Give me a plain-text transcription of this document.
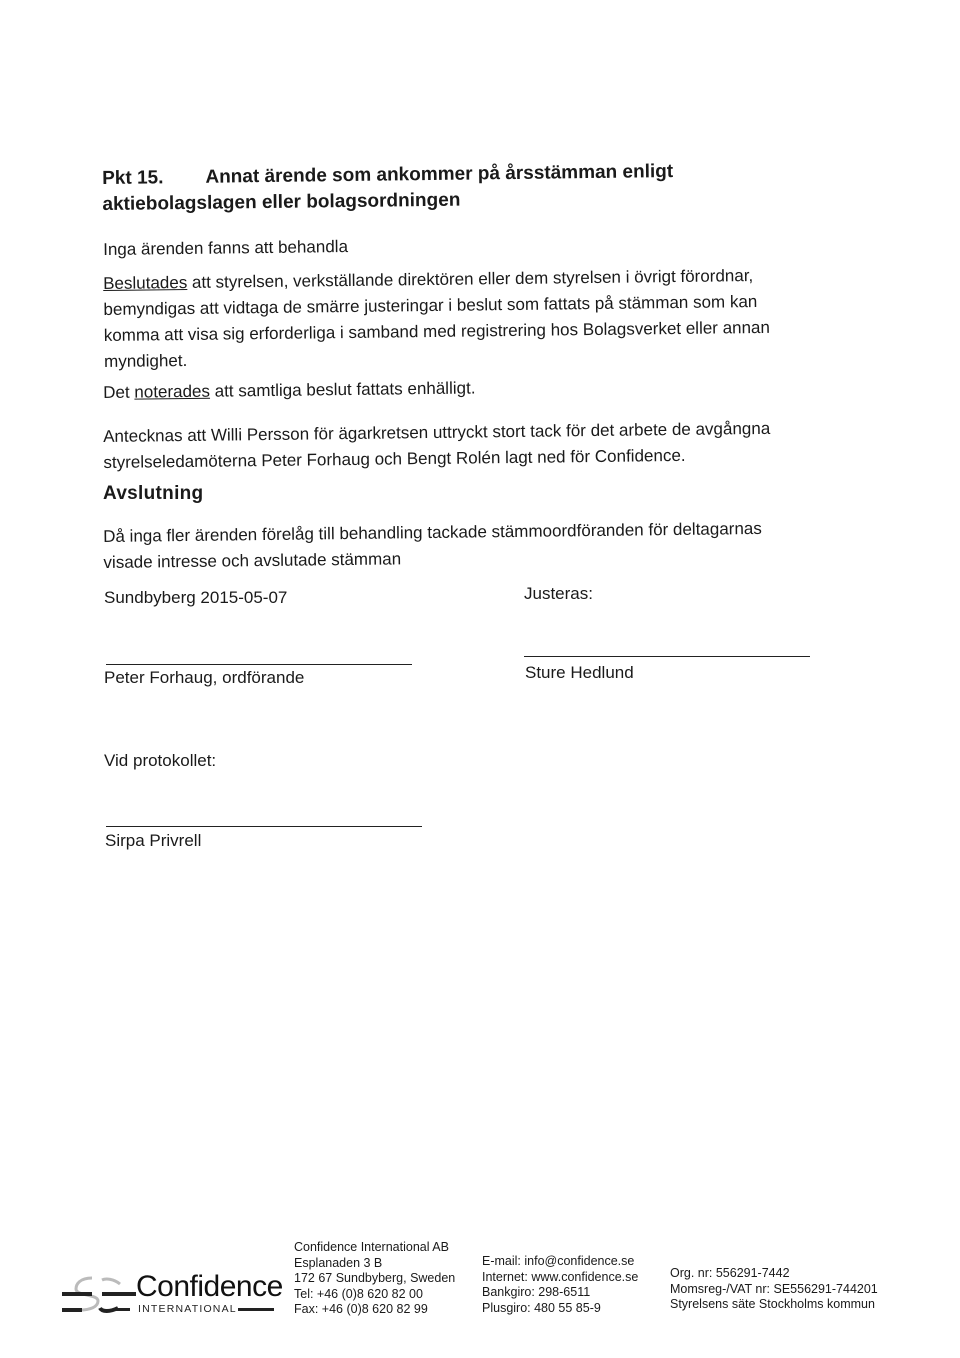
Pkt 15. Annat ärende som ankommer på årsstämman enligt
aktiebolagslagen eller bolagsordningen

Inga ärenden fanns att behandla

Beslutades att styrelsen, verkställande direktören eller dem styrelsen i övrigt förordnar, bemyndigas att vidtaga de smärre justeringar i beslut som fattats på stämman som kan komma att visa sig erforderliga i samband med registrering hos Bolagsverket eller annan myndighet.

Det noterades att samtliga beslut fattats enhälligt.

Antecknas att Willi Persson för ägarkretsen uttryckt stort tack för det arbete de avgångna styrelseledamöterna Peter Forhaug och Bengt Rolén lagt ned för Confidence.

Avslutning

Då inga fler ärenden förelåg till behandling tackade stämmoordföranden för deltagarnas visade intresse och avslutade stämman

Sundbyberg 2015-05-07	Justeras:
Peter Forhaug, ordförande	Sture Hedlund
Vid protokollet:
Sirpa Privrell
Confidence
INTERNATIONAL
Confidence International AB
Esplanaden 3 B
172 67 Sundbyberg, Sweden
Tel: +46 (0)8 620 82 00
Fax: +46 (0)8 620 82 99
E-mail: info@confidence.se
Internet: www.confidence.se
Bankgiro: 298-6511
Plusgiro: 480 55 85-9
Org. nr: 556291-7442
Momsreg-/VAT nr: SE556291-744201
Styrelsens säte Stockholms kommun
